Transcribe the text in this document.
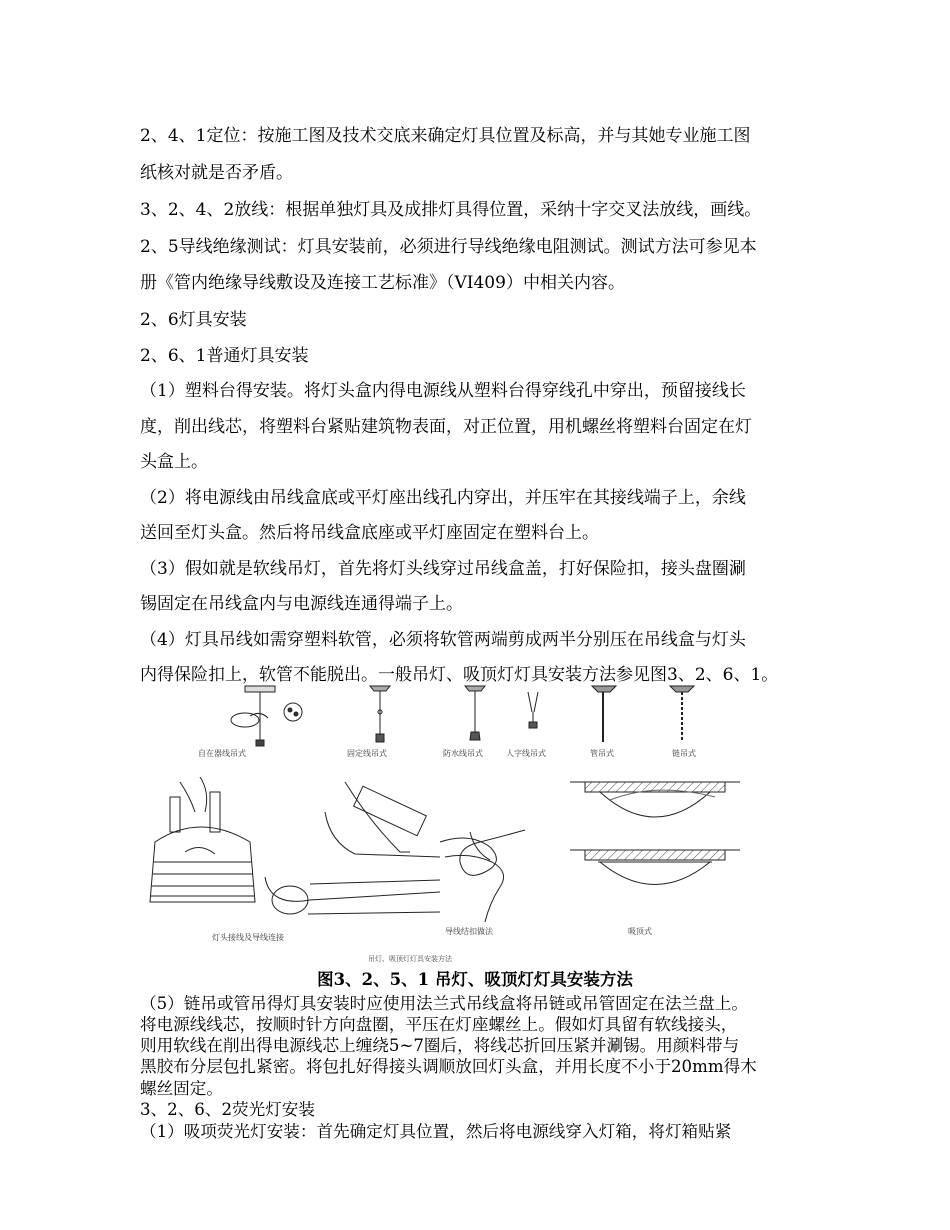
2、4、1定位：按施工图及技术交底来确定灯具位置及标高，并与其她专业施工图
纸核对就是否矛盾。
3、2、4、2放线：根据单独灯具及成排灯具得位置，采纳十字交叉法放线，画线。
2、5导线绝缘测试：灯具安装前，必须进行导线绝缘电阻测试。测试方法可参见本
册《管内绝缘导线敷设及连接工艺标准》（VI409）中相关内容。
2、6灯具安装
2、6、1普通灯具安装
（1）塑料台得安装。将灯头盒内得电源线从塑料台得穿线孔中穿出，预留接线长
度，削出线芯，将塑料台紧贴建筑物表面，对正位置，用机螺丝将塑料台固定在灯
头盒上。
（2）将电源线由吊线盒底或平灯座出线孔内穿出，并压牢在其接线端子上，余线
送回至灯头盒。然后将吊线盒底座或平灯座固定在塑料台上。
（3）假如就是软线吊灯，首先将灯头线穿过吊线盒盖，打好保险扣，接头盘圈涮
锡固定在吊线盒内与电源线连通得端子上。
（4）灯具吊线如需穿塑料软管，必须将软管两端剪成两半分别压在吊线盒与灯头
内得保险扣上，软管不能脱出。一般吊灯、吸顶灯灯具安装方法参见图3、2、6、1。
自在器线吊式	固定线吊式	防水线吊式	人字线吊式	管吊式	链吊式
灯头接线及导线连接
导线结扣做法	吸顶式
吊灯、吸顶灯灯具安装方法
图3、2、5、1 吊灯、吸顶灯灯具安装方法
（5）链吊或管吊得灯具安装时应使用法兰式吊线盒将吊链或吊管固定在法兰盘上。
将电源线线芯，按顺时针方向盘圈，平压在灯座螺丝上。假如灯具留有软线接头，
则用软线在削出得电源线芯上缠绕5~7圈后，将线芯折回压紧并涮锡。用颜料带与
黑胶布分层包扎紧密。将包扎好得接头调顺放回灯头盒，并用长度不小于20mm得木
螺丝固定。
3、2、6、2荧光灯安装
（1）吸项荧光灯安装：首先确定灯具位置，然后将电源线穿入灯箱，将灯箱贴紧
